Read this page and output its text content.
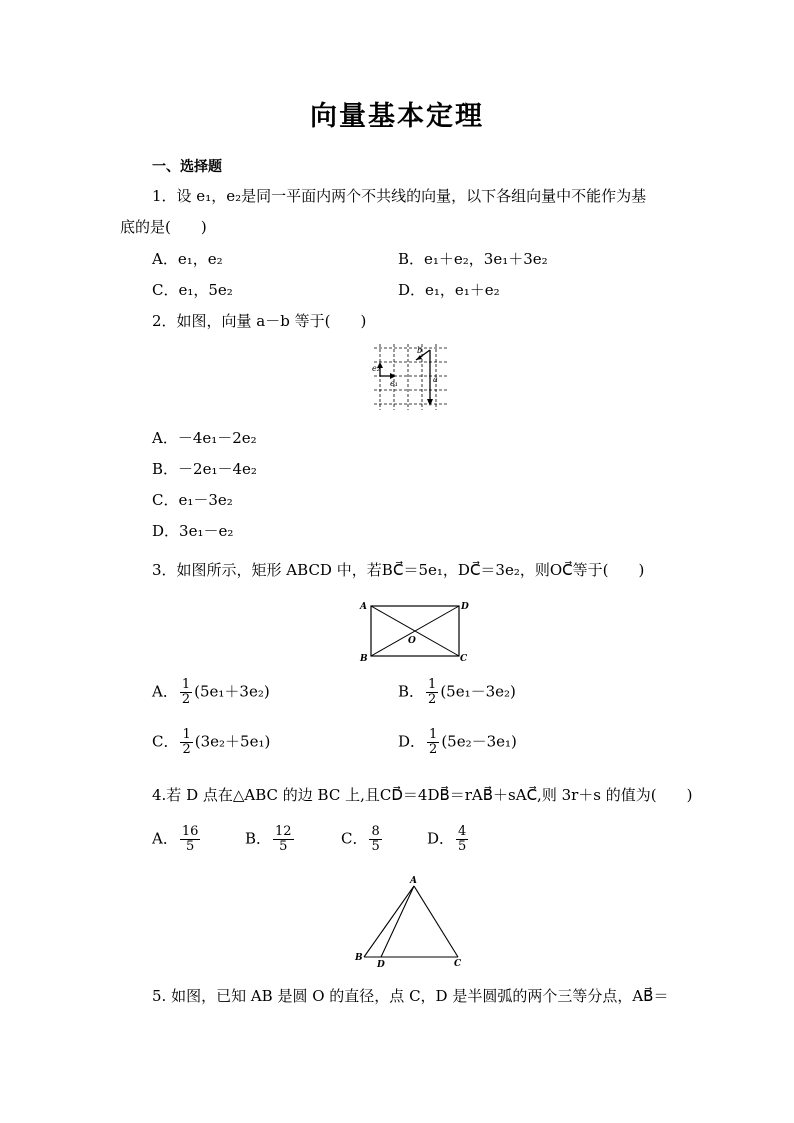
向量基本定理
一、选择题
1．设 e₁，e₂是同一平面内两个不共线的向量，以下各组向量中不能作为基
底的是(　　)
A．e₁，e₂	B．e₁＋e₂，3e₁＋3e₂
C．e₁，5e₂	D．e₁，e₁＋e₂
2．如图，向量 a－b 等于(　　)
e₂
e₁
b
a
A．－4e₁－2e₂
B．－2e₁－4e₂
C．e₁－3e₂
D．3e₁－e₂
3．如图所示，矩形 ABCD 中，若BC⃗＝5e₁，DC⃗＝3e₂，则OC⃗等于(　　)
A	D
B	C
O
A． $\frac{1}{2} (5e_1+3e_2)$	B． $\frac{1}{2} (5e_1-3e_2)$
C． $\frac{1}{2} (3e_2+5e_1)$	D． $\frac{1}{2} (5e_2-3e_1)$
4.若 D 点在△ABC 的边 BC 上,且CD⃗＝4DB⃗＝rAB⃗＋sAC⃗,则 3r＋s 的值为(　　)
A． $\frac{16}{5}$	B． $\frac{12}{5}$	C． $\frac{8}{5}$	D． $\frac{4}{5}$
A
B
D	C
5. 如图，已知 AB 是圆 O 的直径，点 C，D 是半圆弧的两个三等分点，AB⃗＝
